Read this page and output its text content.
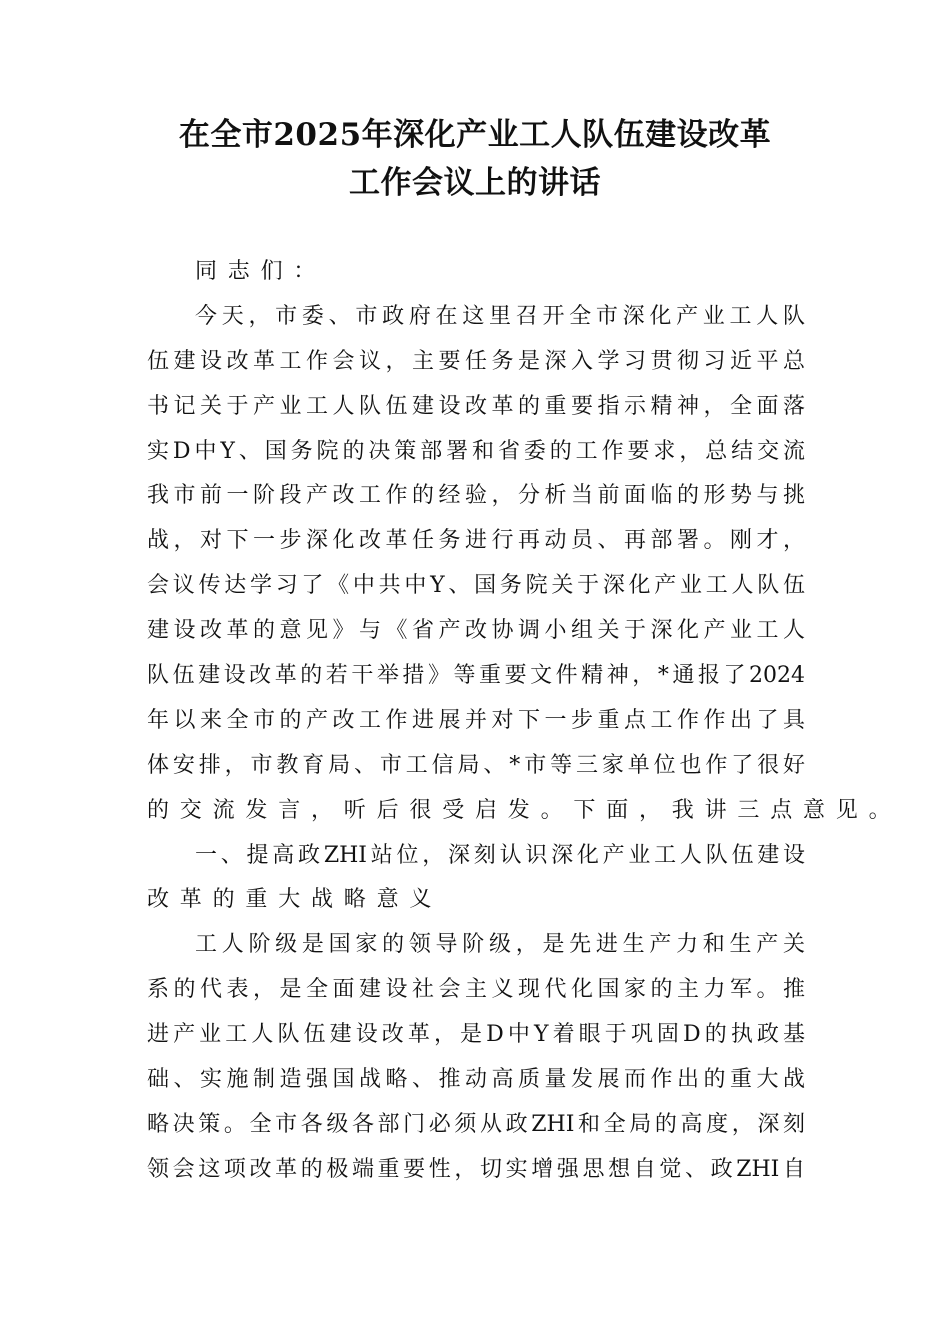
在全市2025年深化产业工人队伍建设改革
工作会议上的讲话
同志们：
今天，市委、市政府在这里召开全市深化产业工人队
伍建设改革工作会议，主要任务是深入学习贯彻习近平总
书记关于产业工人队伍建设改革的重要指示精神，全面落
实D中Y、国务院的决策部署和省委的工作要求，总结交流
我市前一阶段产改工作的经验，分析当前面临的形势与挑
战，对下一步深化改革任务进行再动员、再部署。刚才，
会议传达学习了《中共中Y、国务院关于深化产业工人队伍
建设改革的意见》与《省产改协调小组关于深化产业工人
队伍建设改革的若干举措》等重要文件精神，*通报了2024
年以来全市的产改工作进展并对下一步重点工作作出了具
体安排，市教育局、市工信局、*市等三家单位也作了很好
的交流发言，听后很受启发。下面，我讲三点意见。
一、提高政ZHI站位，深刻认识深化产业工人队伍建设
改革的重大战略意义
工人阶级是国家的领导阶级，是先进生产力和生产关
系的代表，是全面建设社会主义现代化国家的主力军。推
进产业工人队伍建设改革，是D中Y着眼于巩固D的执政基
础、实施制造强国战略、推动高质量发展而作出的重大战
略决策。全市各级各部门必须从政ZHI和全局的高度，深刻
领会这项改革的极端重要性，切实增强思想自觉、政ZHI自
